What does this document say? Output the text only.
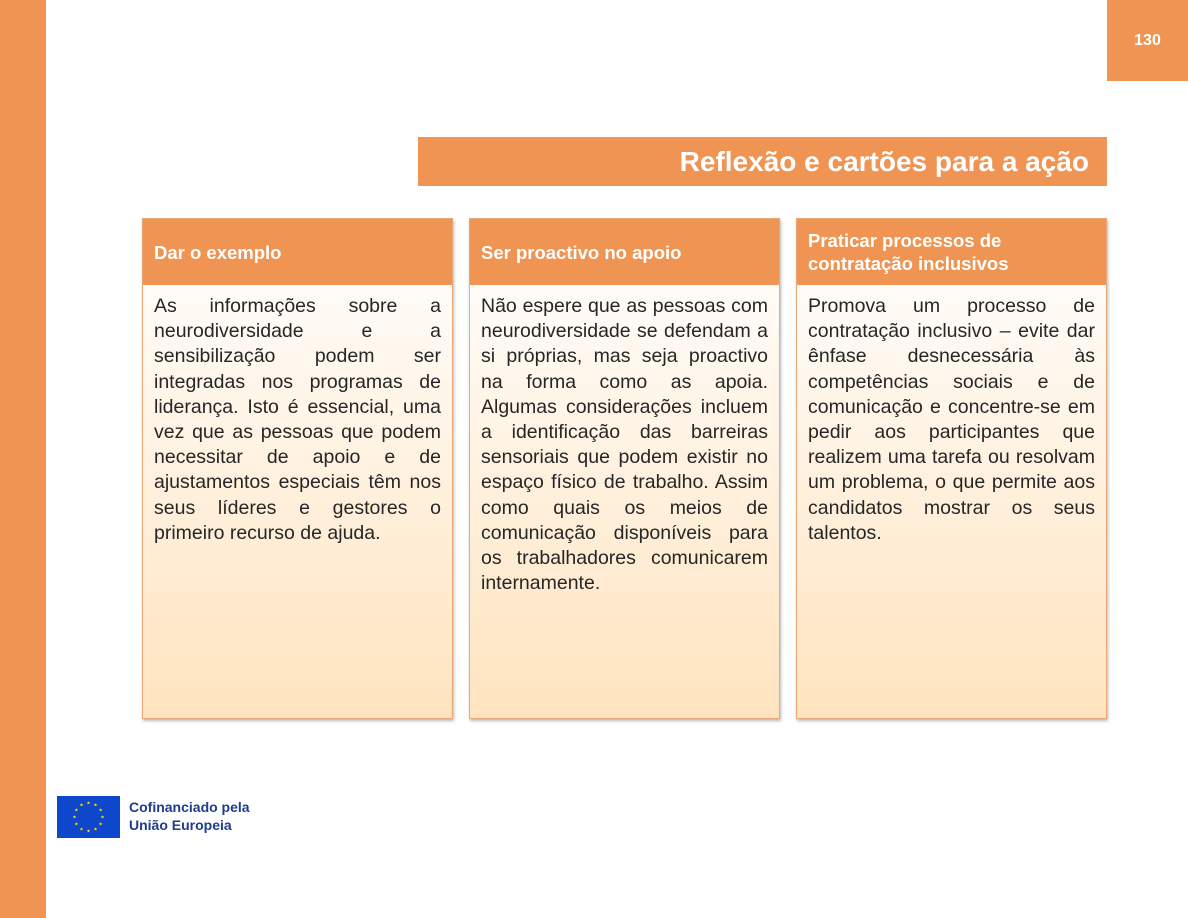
130
Reflexão e cartões para a ação
Dar o exemplo
As informações sobre a neurodiversidade e a sensibilização podem ser integradas nos programas de liderança. Isto é essencial, uma vez que as pessoas que podem necessitar de apoio e de ajustamentos especiais têm nos seus líderes e gestores o primeiro recurso de ajuda.
Ser proactivo no apoio
Não espere que as pessoas com neurodiversidade se defendam a si próprias, mas seja proactivo na forma como as apoia. Algumas considerações incluem a identificação das barreiras sensoriais que podem existir no espaço físico de trabalho. Assim como quais os meios de comunicação disponíveis para os trabalhadores comunicarem internamente.
Praticar processos de contratação inclusivos
Promova um processo de contratação inclusivo – evite dar ênfase desnecessária às competências sociais e de comunicação e concentre-se em pedir aos participantes que realizem uma tarefa ou resolvam um problema, o que permite aos candidatos mostrar os seus talentos.
Cofinanciado pela
União Europeia
